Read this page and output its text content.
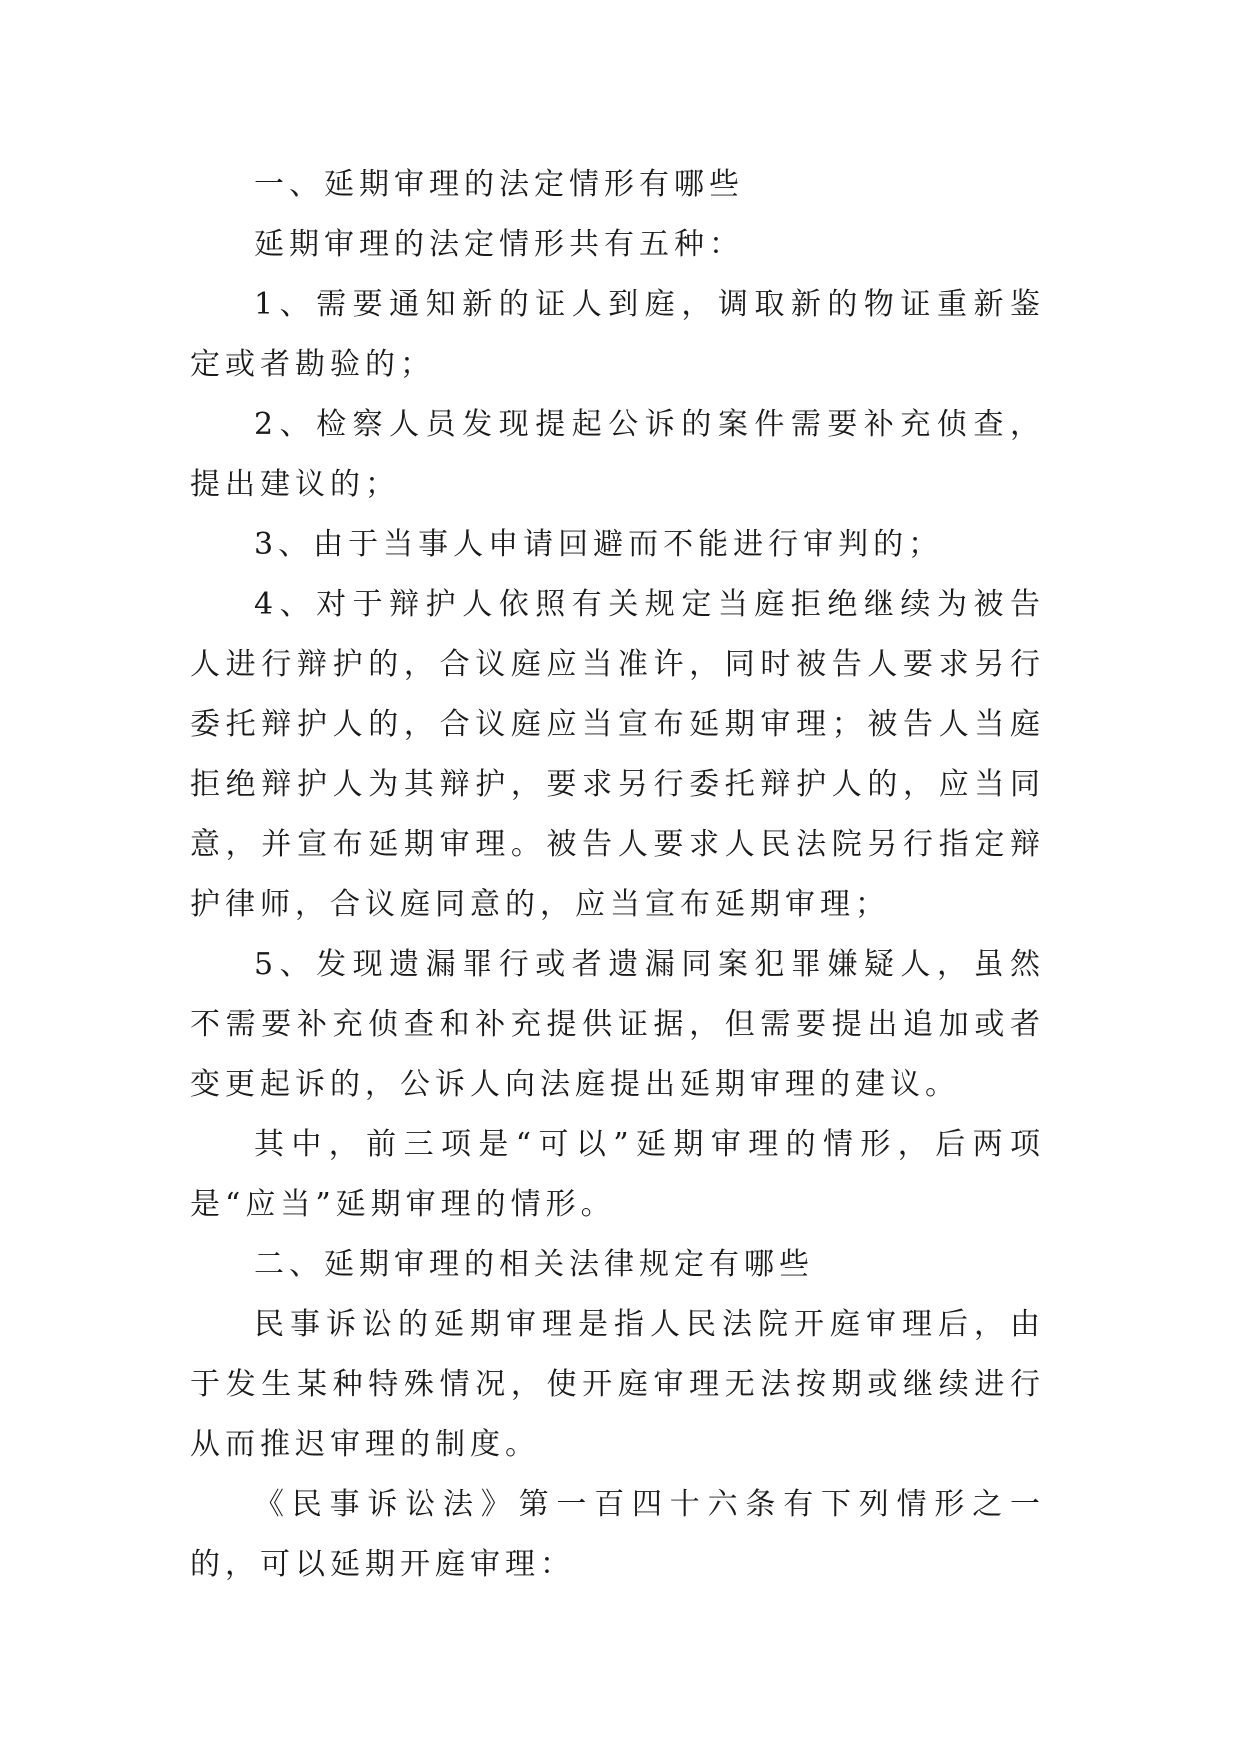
一、延期审理的法定情形有哪些

延期审理的法定情形共有五种：

1、需要通知新的证人到庭，调取新的物证重新鉴定或者勘验的；

2、检察人员发现提起公诉的案件需要补充侦查，提出建议的；

3、由于当事人申请回避而不能进行审判的；

4、对于辩护人依照有关规定当庭拒绝继续为被告人进行辩护的，合议庭应当准许，同时被告人要求另行委托辩护人的，合议庭应当宣布延期审理；被告人当庭拒绝辩护人为其辩护，要求另行委托辩护人的，应当同意，并宣布延期审理。被告人要求人民法院另行指定辩护律师，合议庭同意的，应当宣布延期审理；

5、发现遗漏罪行或者遗漏同案犯罪嫌疑人，虽然不需要补充侦查和补充提供证据，但需要提出追加或者变更起诉的，公诉人向法庭提出延期审理的建议。

其中，前三项是“可以”延期审理的情形，后两项是“应当”延期审理的情形。

二、延期审理的相关法律规定有哪些

民事诉讼的延期审理是指人民法院开庭审理后，由于发生某种特殊情况，使开庭审理无法按期或继续进行从而推迟审理的制度。

《民事诉讼法》第一百四十六条有下列情形之一的，可以延期开庭审理：
